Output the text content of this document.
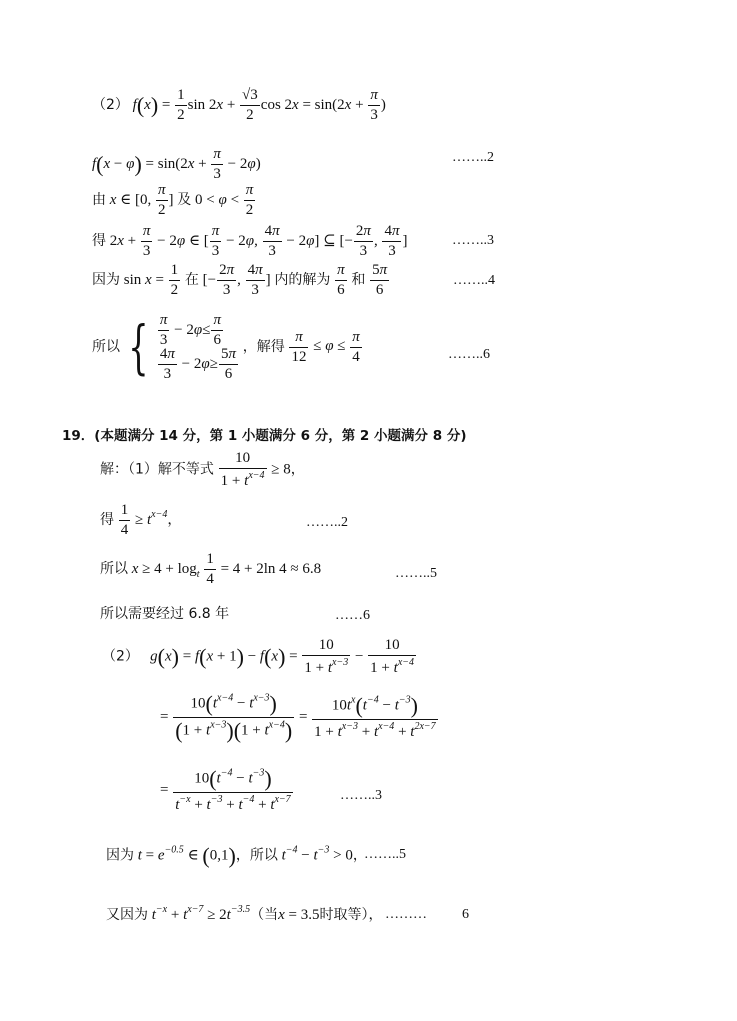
（2） $f(x) = \frac{1}{2}$ $\sin 2x + \frac{√3}{2}$ $\cos 2x = \sin(2x + \frac{\pi}{3}$ )
$f(x - \varphi) = \sin(2x + \frac{\pi}{3} - 2\varphi)$	……..2
由 x ∈ [0, $\frac{\pi}{2}$ ] 及 $0 < \varphi < \frac{\pi}{2}$
得 $2x + \frac{\pi}{3} - 2\varphi$ ∈ [ $\frac{\pi}{3} - 2\varphi$, $\frac{4\pi}{3} - 2\varphi$] ⊆ [− $\frac{2\pi}{3}$ , $\frac{4\pi}{3}$ ]	……..3
因为 $\sin x = \frac{1}{2}$ 在 [− $\frac{2\pi}{3}$ , $\frac{4\pi}{3}$ ] 内的解为 $\frac{\pi}{6}$ 和 $\frac{5\pi}{6}$	……..4
所以 { $\frac{\pi}{3} - 2$ $\varphi \le \frac{\pi}{6}$
$\frac{4\pi}{3} - 2$ $\varphi \ge \frac{5\pi}{6}$ ，解得 $\frac{\pi}{12} \le \varphi \le \frac{\pi}{4}$	……..6
19．(本题满分 14 分，第 1 小题满分 6 分，第 2 小题满分 8 分)
解：（1）解不等式 $\frac{10}{1 + t^{x-4}} \ge 8$，
得 $\frac{1}{4} \ge t^{x-4}$，	……..2
所以 $x \ge 4 + \log_t \frac{1}{4} = 4 + 2\ln$ 4 ≈ 6.8	……..5
所以需要经过 6.8 年	……6
（2） $g(x) = f(x + 1) - f(x) = \frac{10}{1 + t^{x-3}} - \frac{10}{1 + t^{x-4}}$
= $\frac{10(t^{x-4} - t^{x-3})}{(1 + t^{x-3})(1 + t^{x-4})} = \frac{10t^x(t^{-4} - t^{-3})}{1 + t^{x-3} + t^{x-4} + t^{2x-7}}$
= $\frac{10(t^{-4} - t^{-3})}{t^{-x} + t^{-3} + t^{-4} + t^{x-7}}$	……..3
因为 $t = e^{-0.5}$ ∈ (0,1)，所以 $t^{-4} - t^{-3} > 0$，
……..5
又因为 $t^{-x} + t^{x-7} \ge 2t^{-3.5}$（当x = 3.5时取等）， ………	6
